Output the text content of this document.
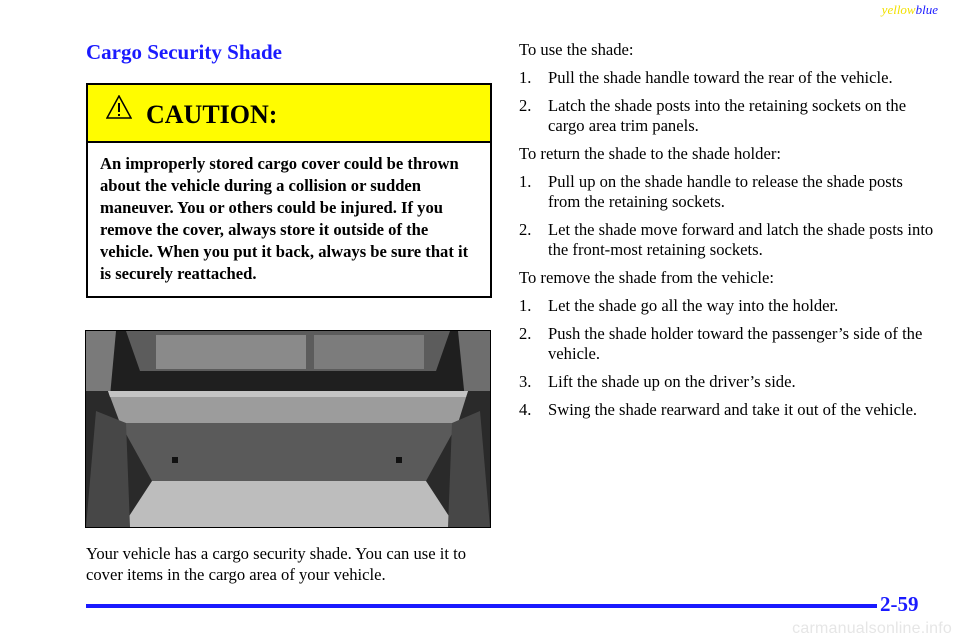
yellowblue
Cargo Security Shade
CAUTION:
An improperly stored cargo cover could be thrown about the vehicle during a collision or sudden maneuver. You or others could be injured. If you remove the cover, always store it outside of the vehicle. When you put it back, always be sure that it is securely reattached.
Your vehicle has a cargo security shade. You can use it to cover items in the cargo area of your vehicle.

To use the shade:

1. Pull the shade handle toward the rear of the vehicle.
2. Latch the shade posts into the retaining sockets on the cargo area trim panels.

To return the shade to the shade holder:

1. Pull up on the shade handle to release the shade posts from the retaining sockets.
2. Let the shade move forward and latch the shade posts into the front-most retaining sockets.

To remove the shade from the vehicle:

1. Let the shade go all the way into the holder.
2. Push the shade holder toward the passenger’s side of the vehicle.
3. Lift the shade up on the driver’s side.
4. Swing the shade rearward and take it out of the vehicle.
2-59
carmanualsonline.info
